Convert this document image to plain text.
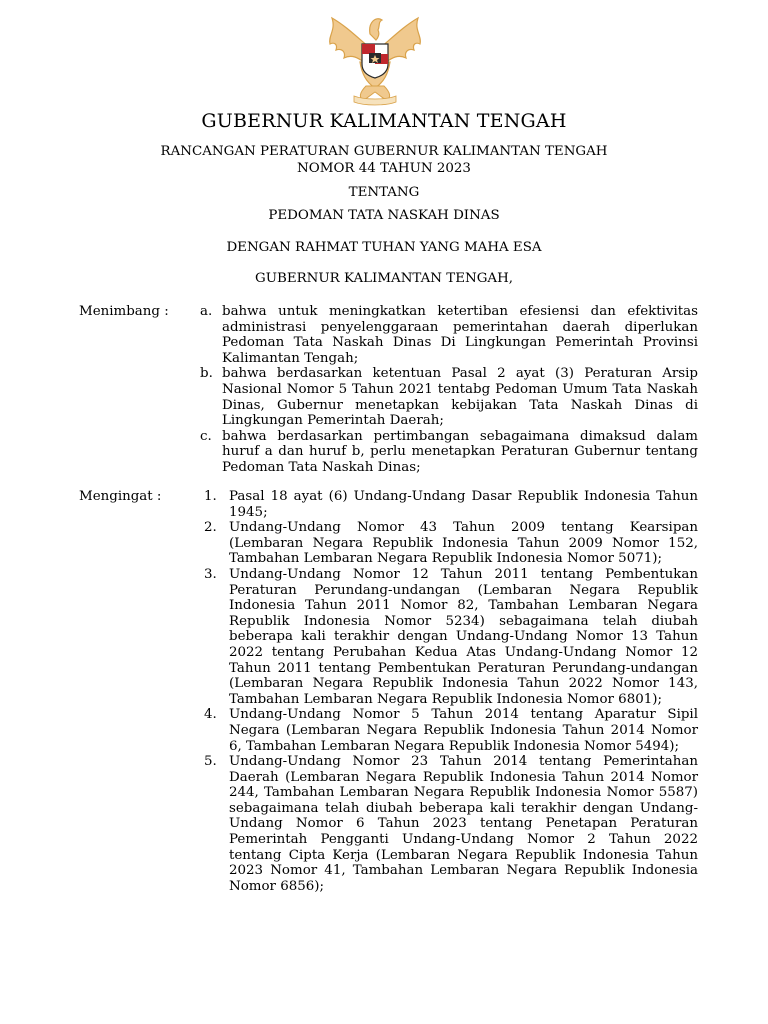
GUBERNUR KALIMANTAN TENGAH
RANCANGAN PERATURAN GUBERNUR KALIMANTAN TENGAH
NOMOR 44 TAHUN 2023
TENTANG
PEDOMAN TATA NASKAH DINAS
DENGAN RAHMAT TUHAN YANG MAHA ESA
GUBERNUR KALIMANTAN TENGAH,
Menimbang : a. bahwa untuk meningkatkan ketertiban efesiensi dan efektivitas administrasi penyelenggaraan pemerintahan daerah diperlukan Pedoman Tata Naskah Dinas Di Lingkungan Pemerintah Provinsi Kalimantan Tengah;
b. bahwa berdasarkan ketentuan Pasal 2 ayat (3) Peraturan Arsip Nasional Nomor 5 Tahun 2021 tentabg Pedoman Umum Tata Naskah Dinas, Gubernur menetapkan kebijakan Tata Naskah Dinas di Lingkungan Pemerintah Daerah;
c. bahwa berdasarkan pertimbangan sebagaimana dimaksud dalam huruf a dan huruf b, perlu menetapkan Peraturan Gubernur tentang Pedoman Tata Naskah Dinas;
Mengingat :	1. Pasal 18 ayat (6) Undang-Undang Dasar Republik Indonesia Tahun 1945;
2. Undang-Undang Nomor 43 Tahun 2009 tentang Kearsipan (Lembaran Negara Republik Indonesia Tahun 2009 Nomor 152, Tambahan Lembaran Negara Republik Indonesia Nomor 5071);
3. Undang-Undang Nomor 12 Tahun 2011 tentang Pembentukan Peraturan Perundang-undangan (Lembaran Negara Republik Indonesia Tahun 2011 Nomor 82, Tambahan Lembaran Negara Republik Indonesia Nomor 5234) sebagaimana telah diubah beberapa kali terakhir dengan Undang-Undang Nomor 13 Tahun 2022 tentang Perubahan Kedua Atas Undang-Undang Nomor 12 Tahun 2011 tentang Pembentukan Peraturan Perundang-undangan (Lembaran Negara Republik Indonesia Tahun 2022 Nomor 143, Tambahan Lembaran Negara Republik Indonesia Nomor 6801);
4. Undang-Undang Nomor 5 Tahun 2014 tentang Aparatur Sipil Negara (Lembaran Negara Republik Indonesia Tahun 2014 Nomor 6, Tambahan Lembaran Negara Republik Indonesia Nomor 5494);
5. Undang-Undang Nomor 23 Tahun 2014 tentang Pemerintahan Daerah (Lembaran Negara Republik Indonesia Tahun 2014 Nomor 244, Tambahan Lembaran Negara Republik Indonesia Nomor 5587) sebagaimana telah diubah beberapa kali terakhir dengan Undang-Undang Nomor 6 Tahun 2023 tentang Penetapan Peraturan Pemerintah Pengganti Undang-Undang Nomor 2 Tahun 2022 tentang Cipta Kerja (Lembaran Negara Republik Indonesia Tahun 2023 Nomor 41, Tambahan Lembaran Negara Republik Indonesia Nomor 6856);
